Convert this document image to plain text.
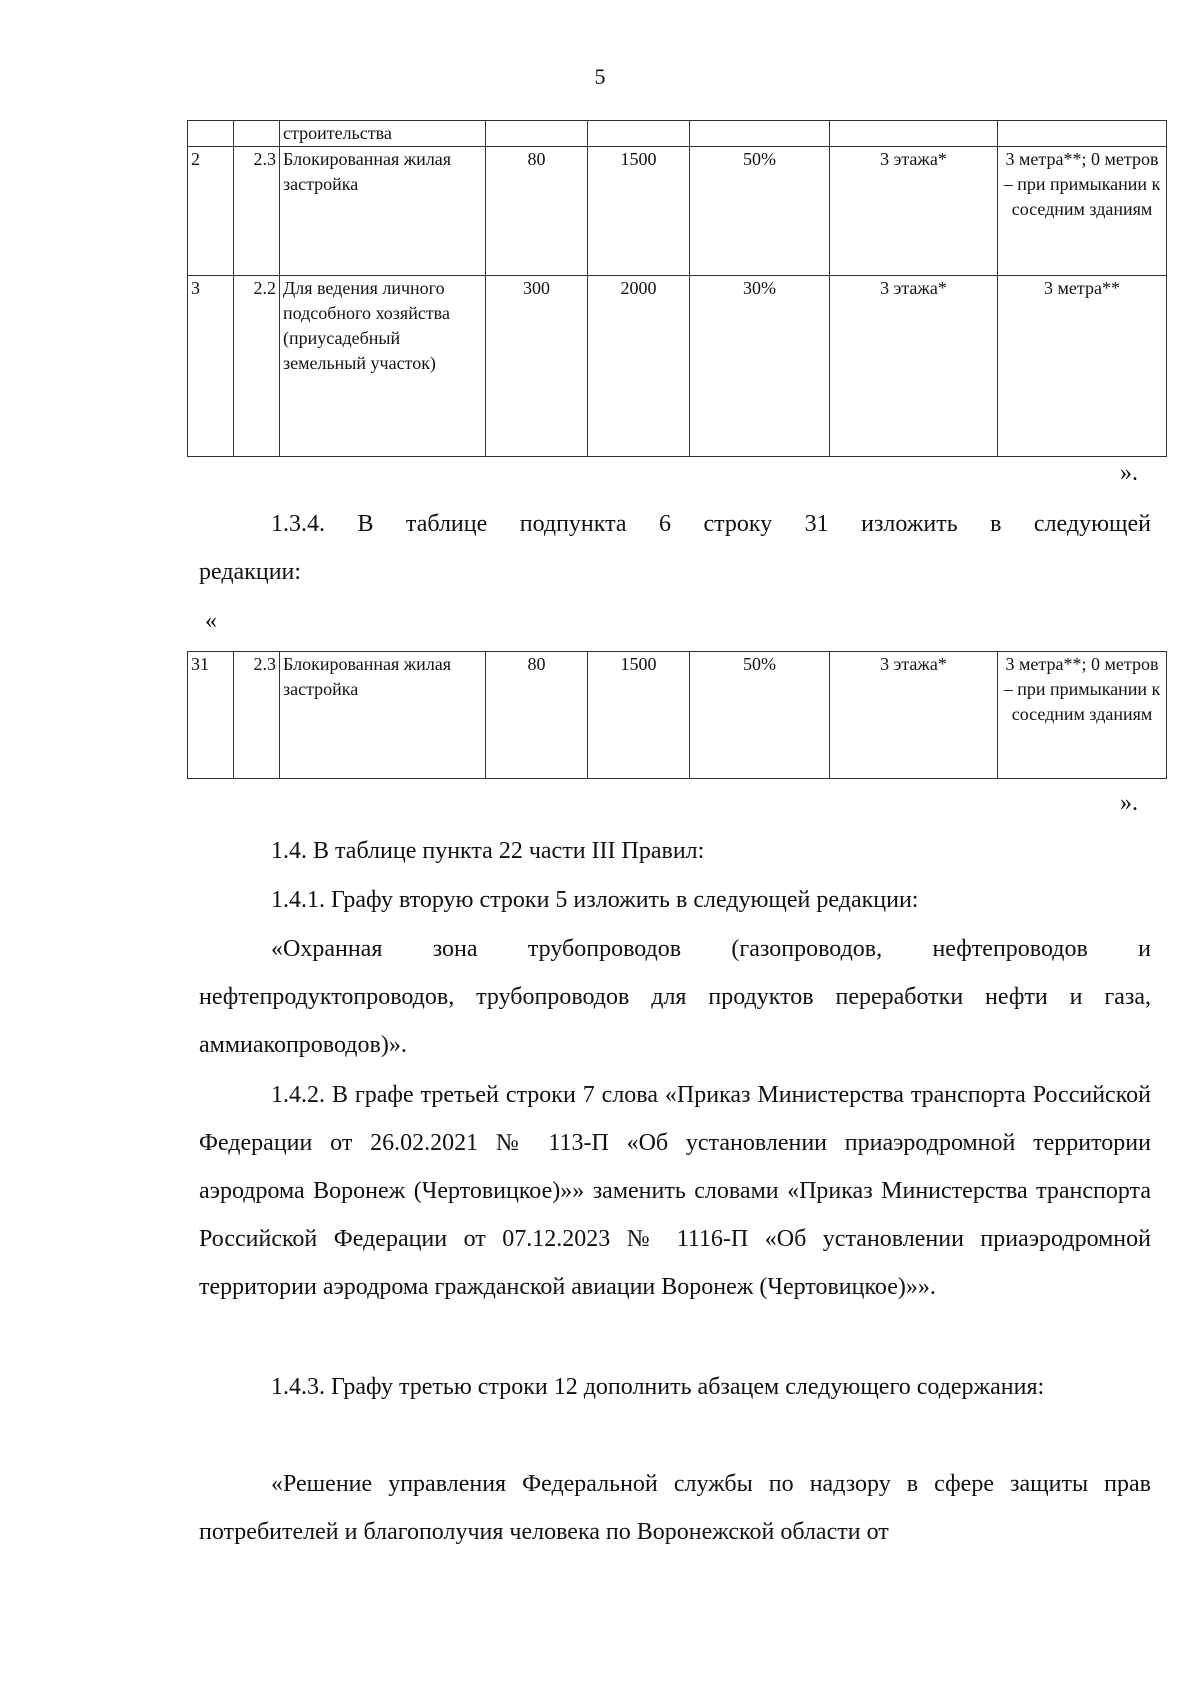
5
		строительства					
2	2.3	Блокированная жилая застройка	80	1500	50%	3 этажа*	3 метра**; 0 метров – при примыкании к соседним зданиям
3	2.2	Для ведения личного подсобного хозяйства (приусадебный земельный участок)	300	2000	30%	3 этажа*	3 метра**
».
1.3.4. В таблице подпункта 6 строку 31 изложить в следующей
редакции:
«
31	2.3	Блокированная жилая застройка	80	1500	50%	3 этажа*	3 метра**; 0 метров – при примыкании к соседним зданиям
».
1.4. В таблице пункта 22 части III Правил:
1.4.1. Графу вторую строки 5 изложить в следующей редакции:
«Охранная зона трубопроводов (газопроводов, нефтепроводов и нефтепродуктопроводов, трубопроводов для продуктов переработки нефти и газа, аммиакопроводов)».
1.4.2. В графе третьей строки 7 слова «Приказ Министерства транспорта Российской Федерации от 26.02.2021 № 113-П «Об установлении приаэродромной территории аэродрома Воронеж (Чертовицкое)»» заменить словами «Приказ Министерства транспорта Российской Федерации от 07.12.2023 № 1116-П «Об установлении приаэродромной территории аэродрома гражданской авиации Воронеж (Чертовицкое)»».
1.4.3. Графу третью строки 12 дополнить абзацем следующего содержания:
«Решение управления Федеральной службы по надзору в сфере защиты прав потребителей и благополучия человека по Воронежской области от
